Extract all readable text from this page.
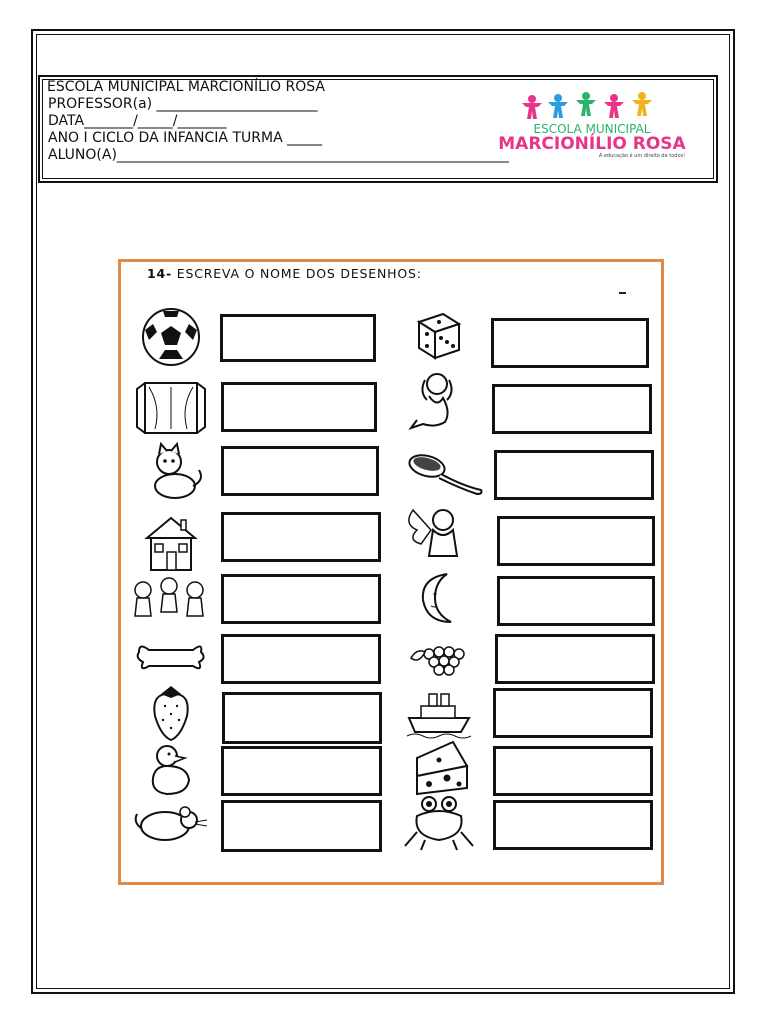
ESCOLA MUNICIPAL MARCIONÍLIO ROSA
PROFESSOR(a) _______________________
DATA_______/_____/_______
ANO I CICLO DA INFANCIA TURMA _____
ALUNO(A)________________________________________________________
ESCOLA MUNICIPAL
MARCIONÍLIO ROSA
A educação é um direito de todos!
14- ESCREVA O NOME DOS DESENHOS:
